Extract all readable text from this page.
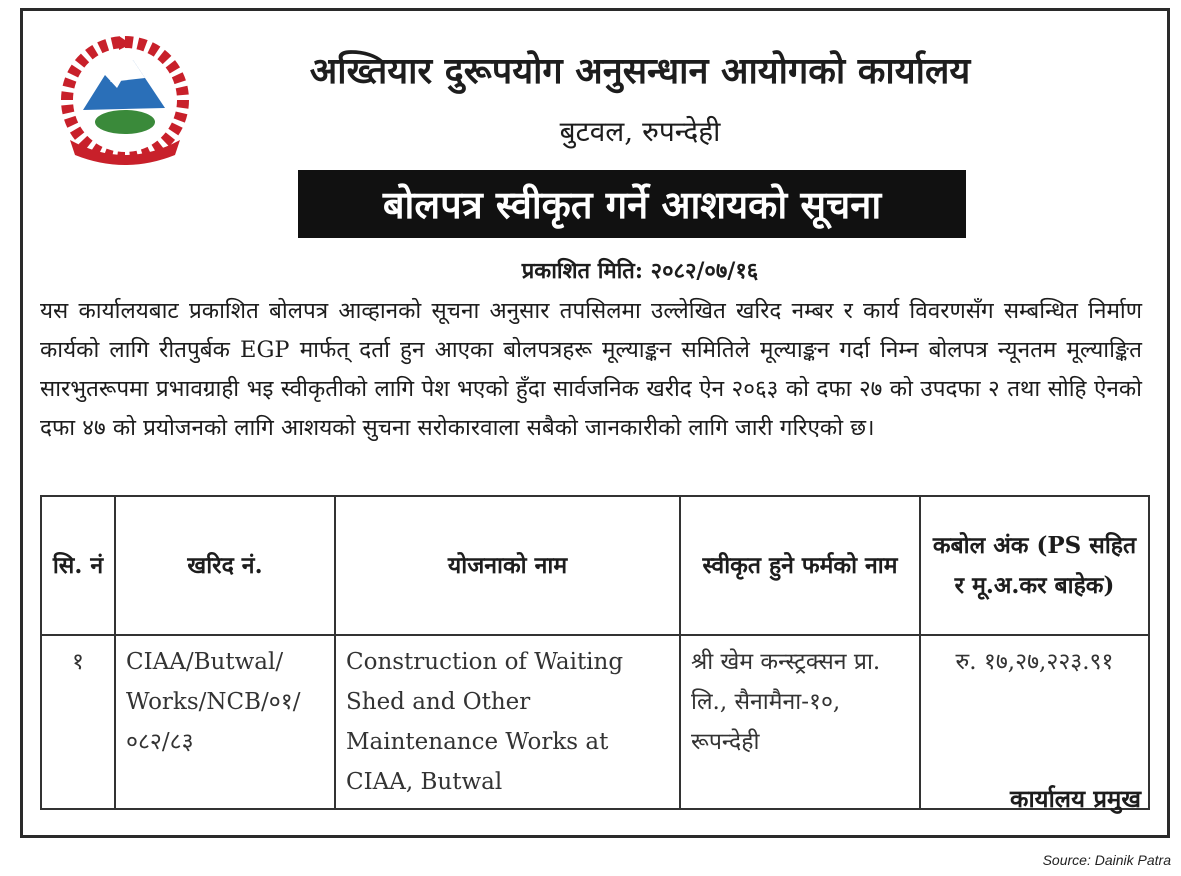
अख्तियार दुरूपयोग अनुसन्धान आयोगको कार्यालय
बुटवल, रुपन्देही
बोलपत्र स्वीकृत गर्ने आशयको सूचना
प्रकाशित मिति: २०८२/०७/१६
यस कार्यालयबाट प्रकाशित बोलपत्र आव्हानको सूचना अनुसार तपसिलमा उल्लेखित खरिद नम्बर र कार्य विवरणसँग सम्बन्धित निर्माण कार्यको लागि रीतपुर्बक EGP मार्फत् दर्ता हुन आएका बोलपत्रहरू मूल्याङ्कन समितिले मूल्याङ्कन गर्दा निम्न बोलपत्र न्यूनतम मूल्याङ्कित सारभुतरूपमा प्रभावग्राही भइ स्वीकृतीको लागि पेश भएको हुँदा सार्वजनिक खरीद ऐन २०६३ को दफा २७ को उपदफा २ तथा सोहि ऐनको दफा ४७ को प्रयोजनको लागि आशयको सुचना सरोकारवाला सबैको जानकारीको लागि जारी गरिएको छ।
सि. नं	खरिद नं.	योजनाको नाम	स्वीकृत हुने फर्मको नाम	कबोल अंक (PS सहित र मू.अ.कर बाहेक)
१	CIAA/Butwal/ Works/NCB/०१/ ०८२/८३	Construction of Waiting Shed and Other Maintenance Works at CIAA, Butwal	श्री खेम कन्स्ट्रक्सन प्रा. लि., सैनामैना-१०, रूपन्देही	रु. १७,२७,२२३.९१
कार्यालय प्रमुख
Source: Dainik Patra
